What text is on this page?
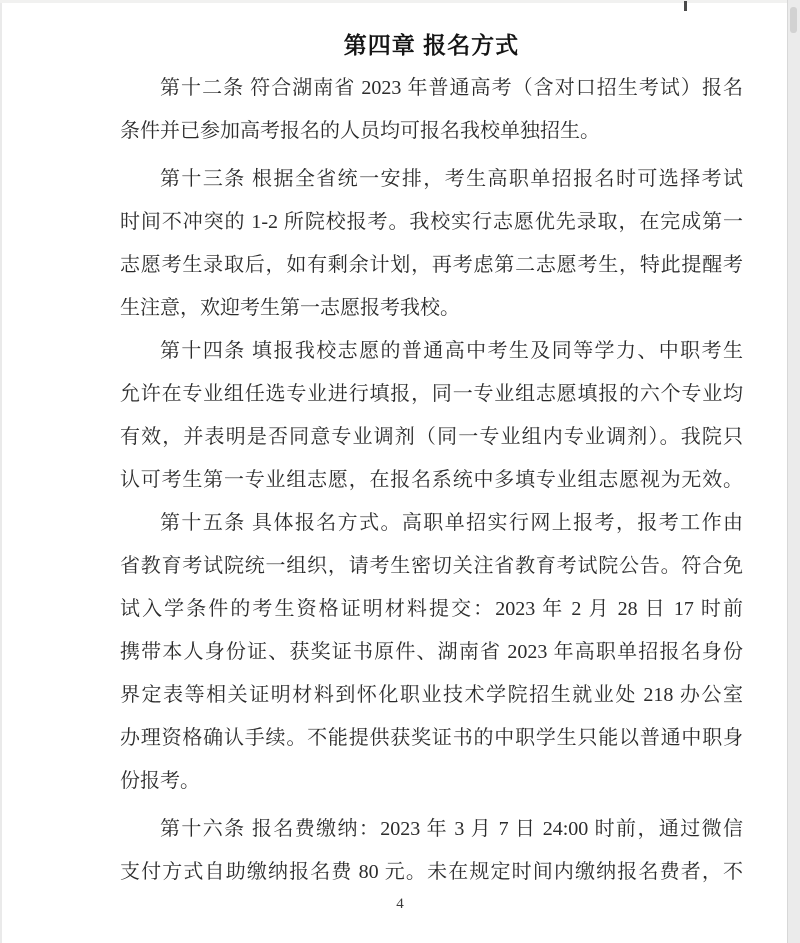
第四章 报名方式
第十二条 符合湖南省 2023 年普通高考（含对口招生考试）报名
条件并已参加高考报名的人员均可报名我校单独招生。
第十三条 根据全省统一安排，考生高职单招报名时可选择考试
时间不冲突的 1-2 所院校报考。我校实行志愿优先录取，在完成第一
志愿考生录取后，如有剩余计划，再考虑第二志愿考生，特此提醒考
生注意，欢迎考生第一志愿报考我校。
第十四条 填报我校志愿的普通高中考生及同等学力、中职考生
允许在专业组任选专业进行填报，同一专业组志愿填报的六个专业均
有效，并表明是否同意专业调剂（同一专业组内专业调剂）。我院只
认可考生第一专业组志愿，在报名系统中多填专业组志愿视为无效。
第十五条 具体报名方式。高职单招实行网上报考，报考工作由
省教育考试院统一组织，请考生密切关注省教育考试院公告。符合免
试入学条件的考生资格证明材料提交：2023 年 2 月 28 日 17 时前
携带本人身份证、获奖证书原件、湖南省 2023 年高职单招报名身份
界定表等相关证明材料到怀化职业技术学院招生就业处 218 办公室
办理资格确认手续。不能提供获奖证书的中职学生只能以普通中职身
份报考。
第十六条 报名费缴纳：2023 年 3 月 7 日 24:00 时前，通过微信
支付方式自助缴纳报名费 80 元。未在规定时间内缴纳报名费者，不
4
